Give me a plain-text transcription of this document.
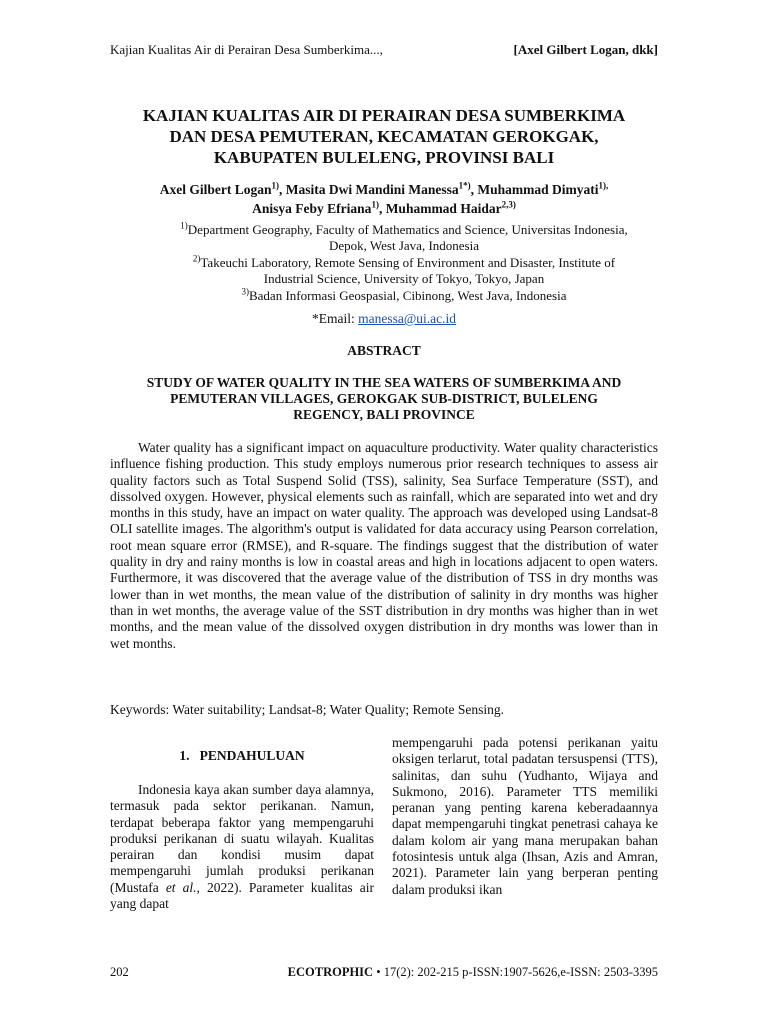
Kajian Kualitas Air di Perairan Desa Sumberkima...,	[Axel Gilbert Logan, dkk]
KAJIAN KUALITAS AIR DI PERAIRAN DESA SUMBERKIMA
DAN DESA PEMUTERAN, KECAMATAN GEROKGAK,
KABUPATEN BULELENG, PROVINSI BALI
Axel Gilbert Logan$^{1)}$, Masita Dwi Mandini Manessa$^{1*)}$, Muhammad Dimyati$^{1),}$
Anisya Feby Efriana$^{1)}$, Muhammad Haidar$^{2,3)}$
$^{1)}$Department Geography, Faculty of Mathematics and Science, Universitas Indonesia,
Depok, West Java, Indonesia
$^{2)}$Takeuchi Laboratory, Remote Sensing of Environment and Disaster, Institute of
Industrial Science, University of Tokyo, Tokyo, Japan
$^{3)}$Badan Informasi Geospasial, Cibinong, West Java, Indonesia
*Email: manessa@ui.ac.id
ABSTRACT
STUDY OF WATER QUALITY IN THE SEA WATERS OF SUMBERKIMA AND
PEMUTERAN VILLAGES, GEROKGAK SUB-DISTRICT, BULELENG
REGENCY, BALI PROVINCE

Water quality has a significant impact on aquaculture productivity. Water quality characteristics influence fishing production. This study employs numerous prior research techniques to assess air quality factors such as Total Suspend Solid (TSS), salinity, Sea Surface Temperature (SST), and dissolved oxygen. However, physical elements such as rainfall, which are separated into wet and dry months in this study, have an impact on water quality. The approach was developed using Landsat-8 OLI satellite images. The algorithm's output is validated for data accuracy using Pearson correlation, root mean square error (RMSE), and R-square. The findings suggest that the distribution of water quality in dry and rainy months is low in coastal areas and high in locations adjacent to open waters. Furthermore, it was discovered that the average value of the distribution of TSS in dry months was lower than in wet months, the mean value of the distribution of salinity in dry months was higher than in wet months, the average value of the SST distribution in dry months was higher than in wet months, and the mean value of the dissolved oxygen distribution in dry months was lower than in wet months.

Keywords: Water suitability; Landsat-8; Water Quality; Remote Sensing.
1.   PENDAHULUAN

Indonesia kaya akan sumber daya alamnya, termasuk pada sektor perikanan. Namun, terdapat beberapa faktor yang mempengaruhi produksi perikanan di suatu wilayah. Kualitas perairan dan kondisi musim dapat mempengaruhi jumlah produksi perikanan (Mustafa et al., 2022). Parameter kualitas air yang dapat

mempengaruhi pada potensi perikanan yaitu oksigen terlarut, total padatan tersuspensi (TTS), salinitas, dan suhu (Yudhanto, Wijaya and Sukmono, 2016). Parameter TTS memiliki peranan yang penting karena keberadaannya dapat mempengaruhi tingkat penetrasi cahaya ke dalam kolom air yang mana merupakan bahan fotosintesis untuk alga (Ihsan, Azis and Amran, 2021). Parameter lain yang berperan penting dalam produksi ikan

202	ECOTROPHIC • 17(2): 202-215 p-ISSN:1907-5626,e-ISSN: 2503-3395
